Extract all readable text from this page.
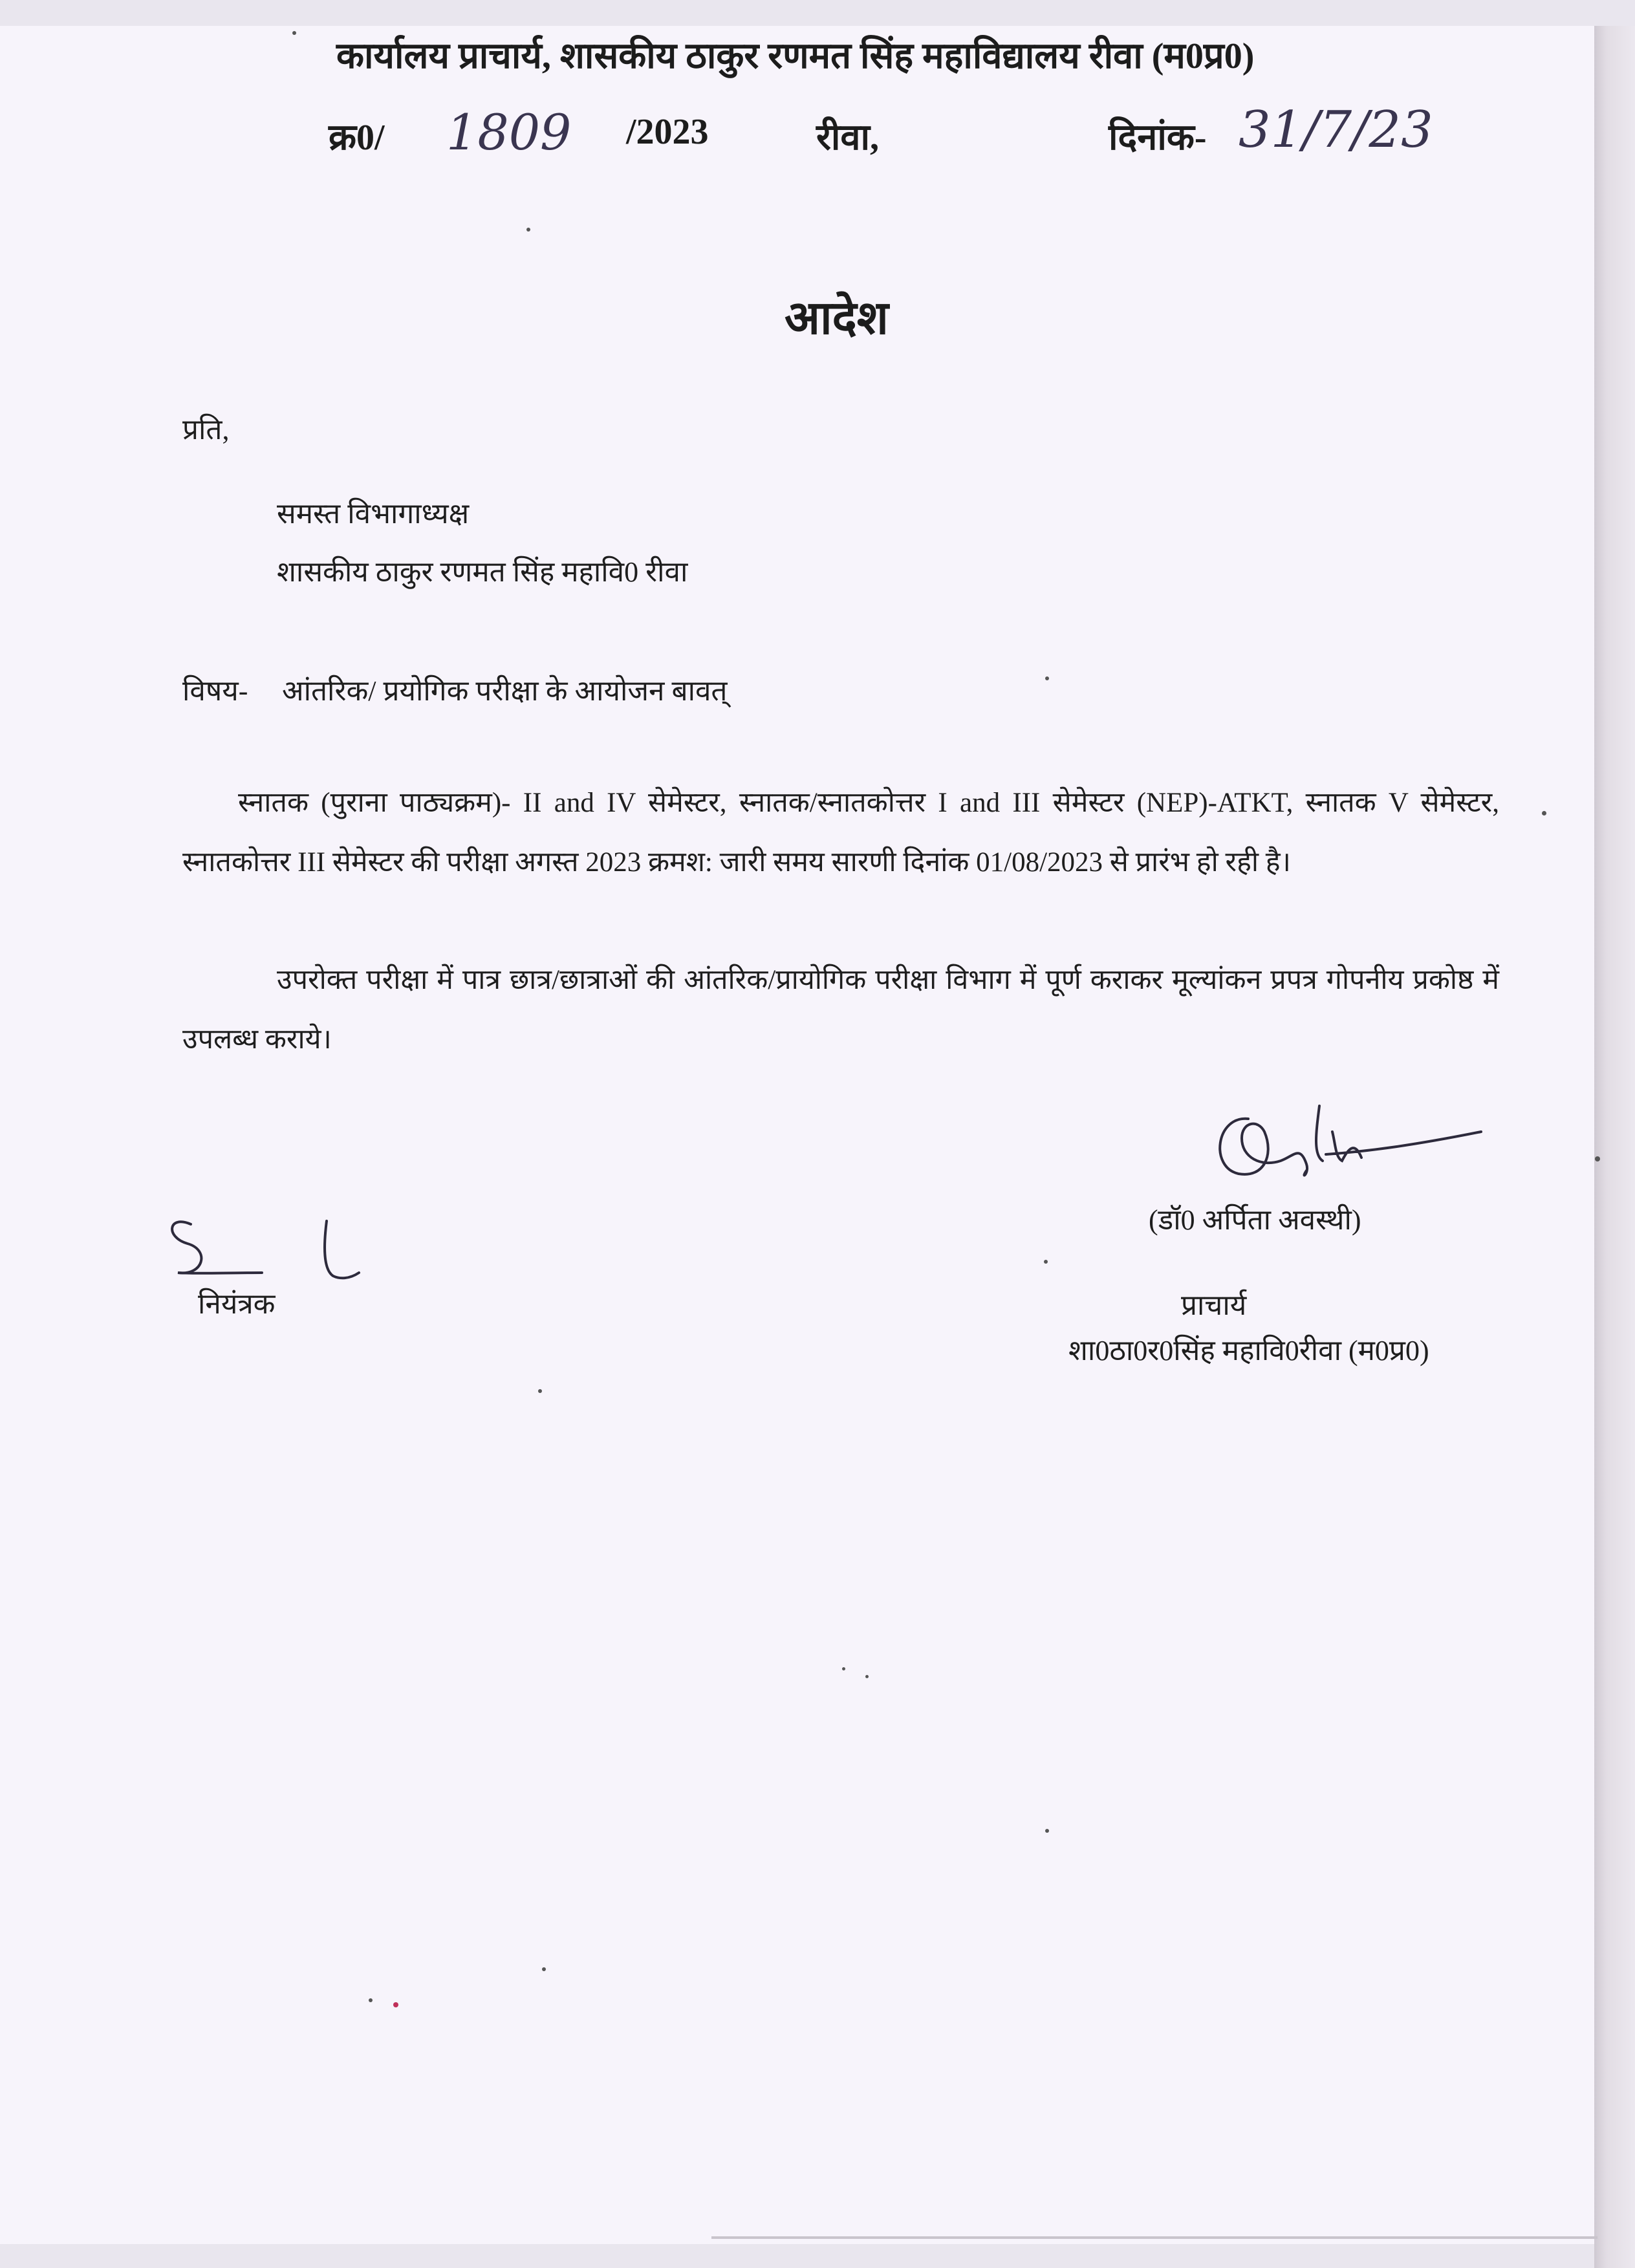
कार्यालय प्राचार्य, शासकीय ठाकुर रणमत सिंह महाविद्यालय रीवा (म0प्र0)
क्र0/ 1809 /2023	रीवा,	दिनांक- 31/7/23
आदेश
प्रति,
समस्त विभागाध्यक्ष
शासकीय ठाकुर रणमत सिंह महावि0 रीवा
विषय- आंतरिक/ प्रयोगिक परीक्षा के आयोजन बावत्
स्नातक (पुराना पाठ्यक्रम)- II and IV सेमेस्टर, स्नातक/स्नातकोत्तर I and III सेमेस्टर (NEP)-ATKT, स्नातक V सेमेस्टर, स्नातकोत्तर III सेमेस्टर की परीक्षा अगस्त 2023 क्रमश: जारी समय सारणी दिनांक 01/08/2023 से प्रारंभ हो रही है।
उपरोक्त परीक्षा में पात्र छात्र/छात्राओं की आंतरिक/प्रायोगिक परीक्षा विभाग में पूर्ण कराकर मूल्यांकन प्रपत्र गोपनीय प्रकोष्ठ में उपलब्ध कराये।
(डॉ0 अर्पिता अवस्थी)
प्राचार्य
शा0ठा0र0सिंह महावि0रीवा (म0प्र0)
नियंत्रक
